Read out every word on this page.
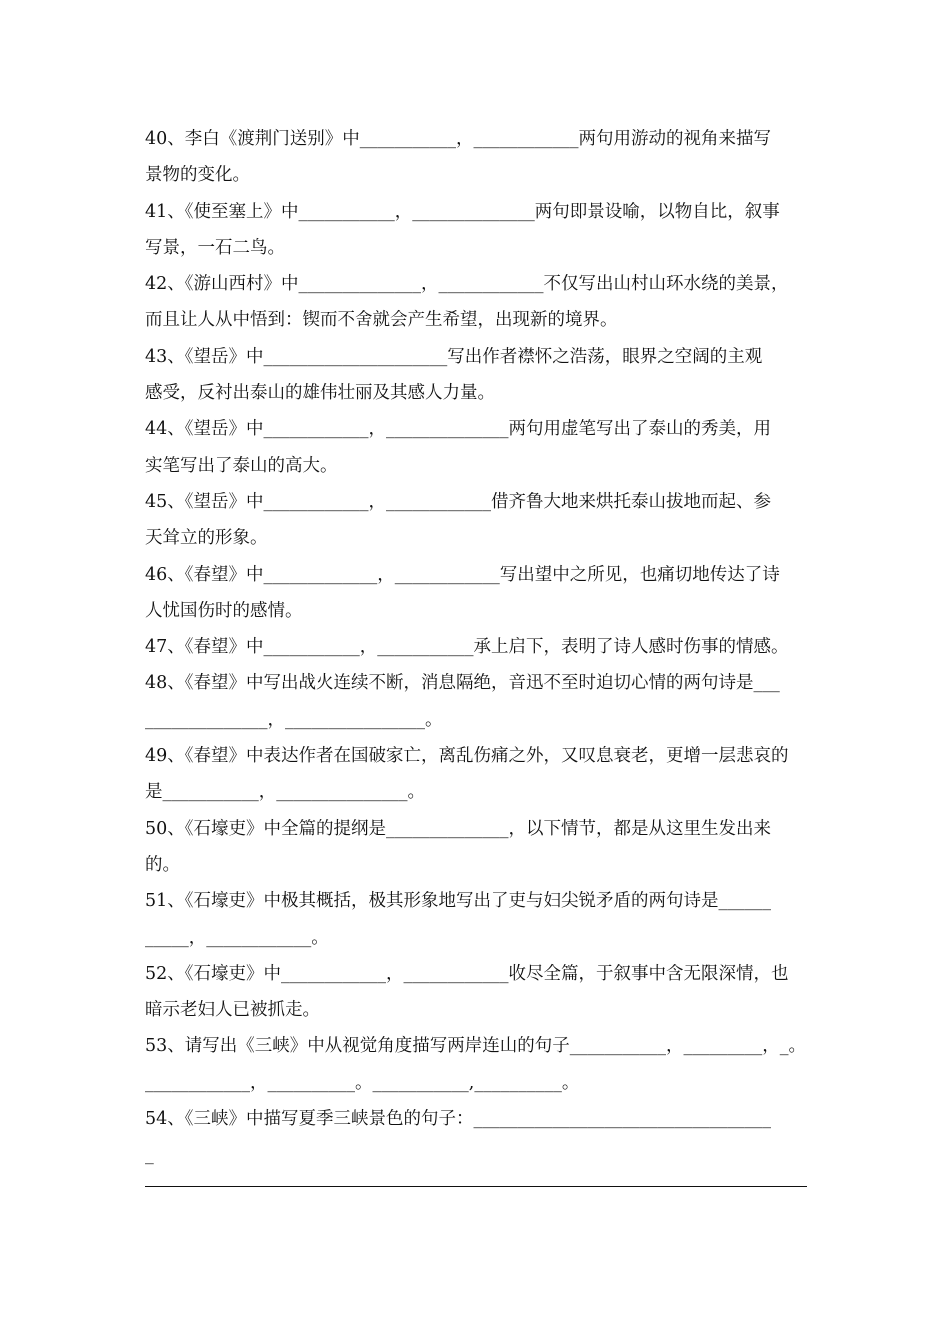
40、李白《渡荆门送别》中___________，____________两句用游动的视角来描写
景物的变化。
41、《使至塞上》中___________，______________两句即景设喻，以物自比，叙事
写景，一石二鸟。
42、《游山西村》中______________，____________不仅写出山村山环水绕的美景，
而且让人从中悟到：锲而不舍就会产生希望，出现新的境界。
43、《望岳》中_____________________写出作者襟怀之浩荡，眼界之空阔的主观
感受，反衬出泰山的雄伟壮丽及其感人力量。
44、《望岳》中____________，______________两句用虚笔写出了泰山的秀美，用
实笔写出了泰山的高大。
45、《望岳》中____________，____________借齐鲁大地来烘托泰山拔地而起、参
天耸立的形象。
46、《春望》中_____________，____________写出望中之所见，也痛切地传达了诗
人忧国伤时的感情。
47、《春望》中___________，___________承上启下，表明了诗人感时伤事的情感。
48、《春望》中写出战火连续不断，消息隔绝，音迅不至时迫切心情的两句诗是___
______________，________________。
49、《春望》中表达作者在国破家亡，离乱伤痛之外，又叹息衰老，更增一层悲哀的
是___________，_______________。
50、《石壕吏》中全篇的提纲是______________，以下情节，都是从这里生发出来
的。
51、《石壕吏》中极其概括，极其形象地写出了吏与妇尖锐矛盾的两句诗是______
_____，____________。
52、《石壕吏》中____________，____________收尽全篇，于叙事中含无限深情，也
暗示老妇人已被抓走。
53、请写出《三峡》中从视觉角度描写两岸连山的句子___________，_________，_。
____________，__________。___________,__________。
54、《三峡》中描写夏季三峡景色的句子：__________________________________
_
